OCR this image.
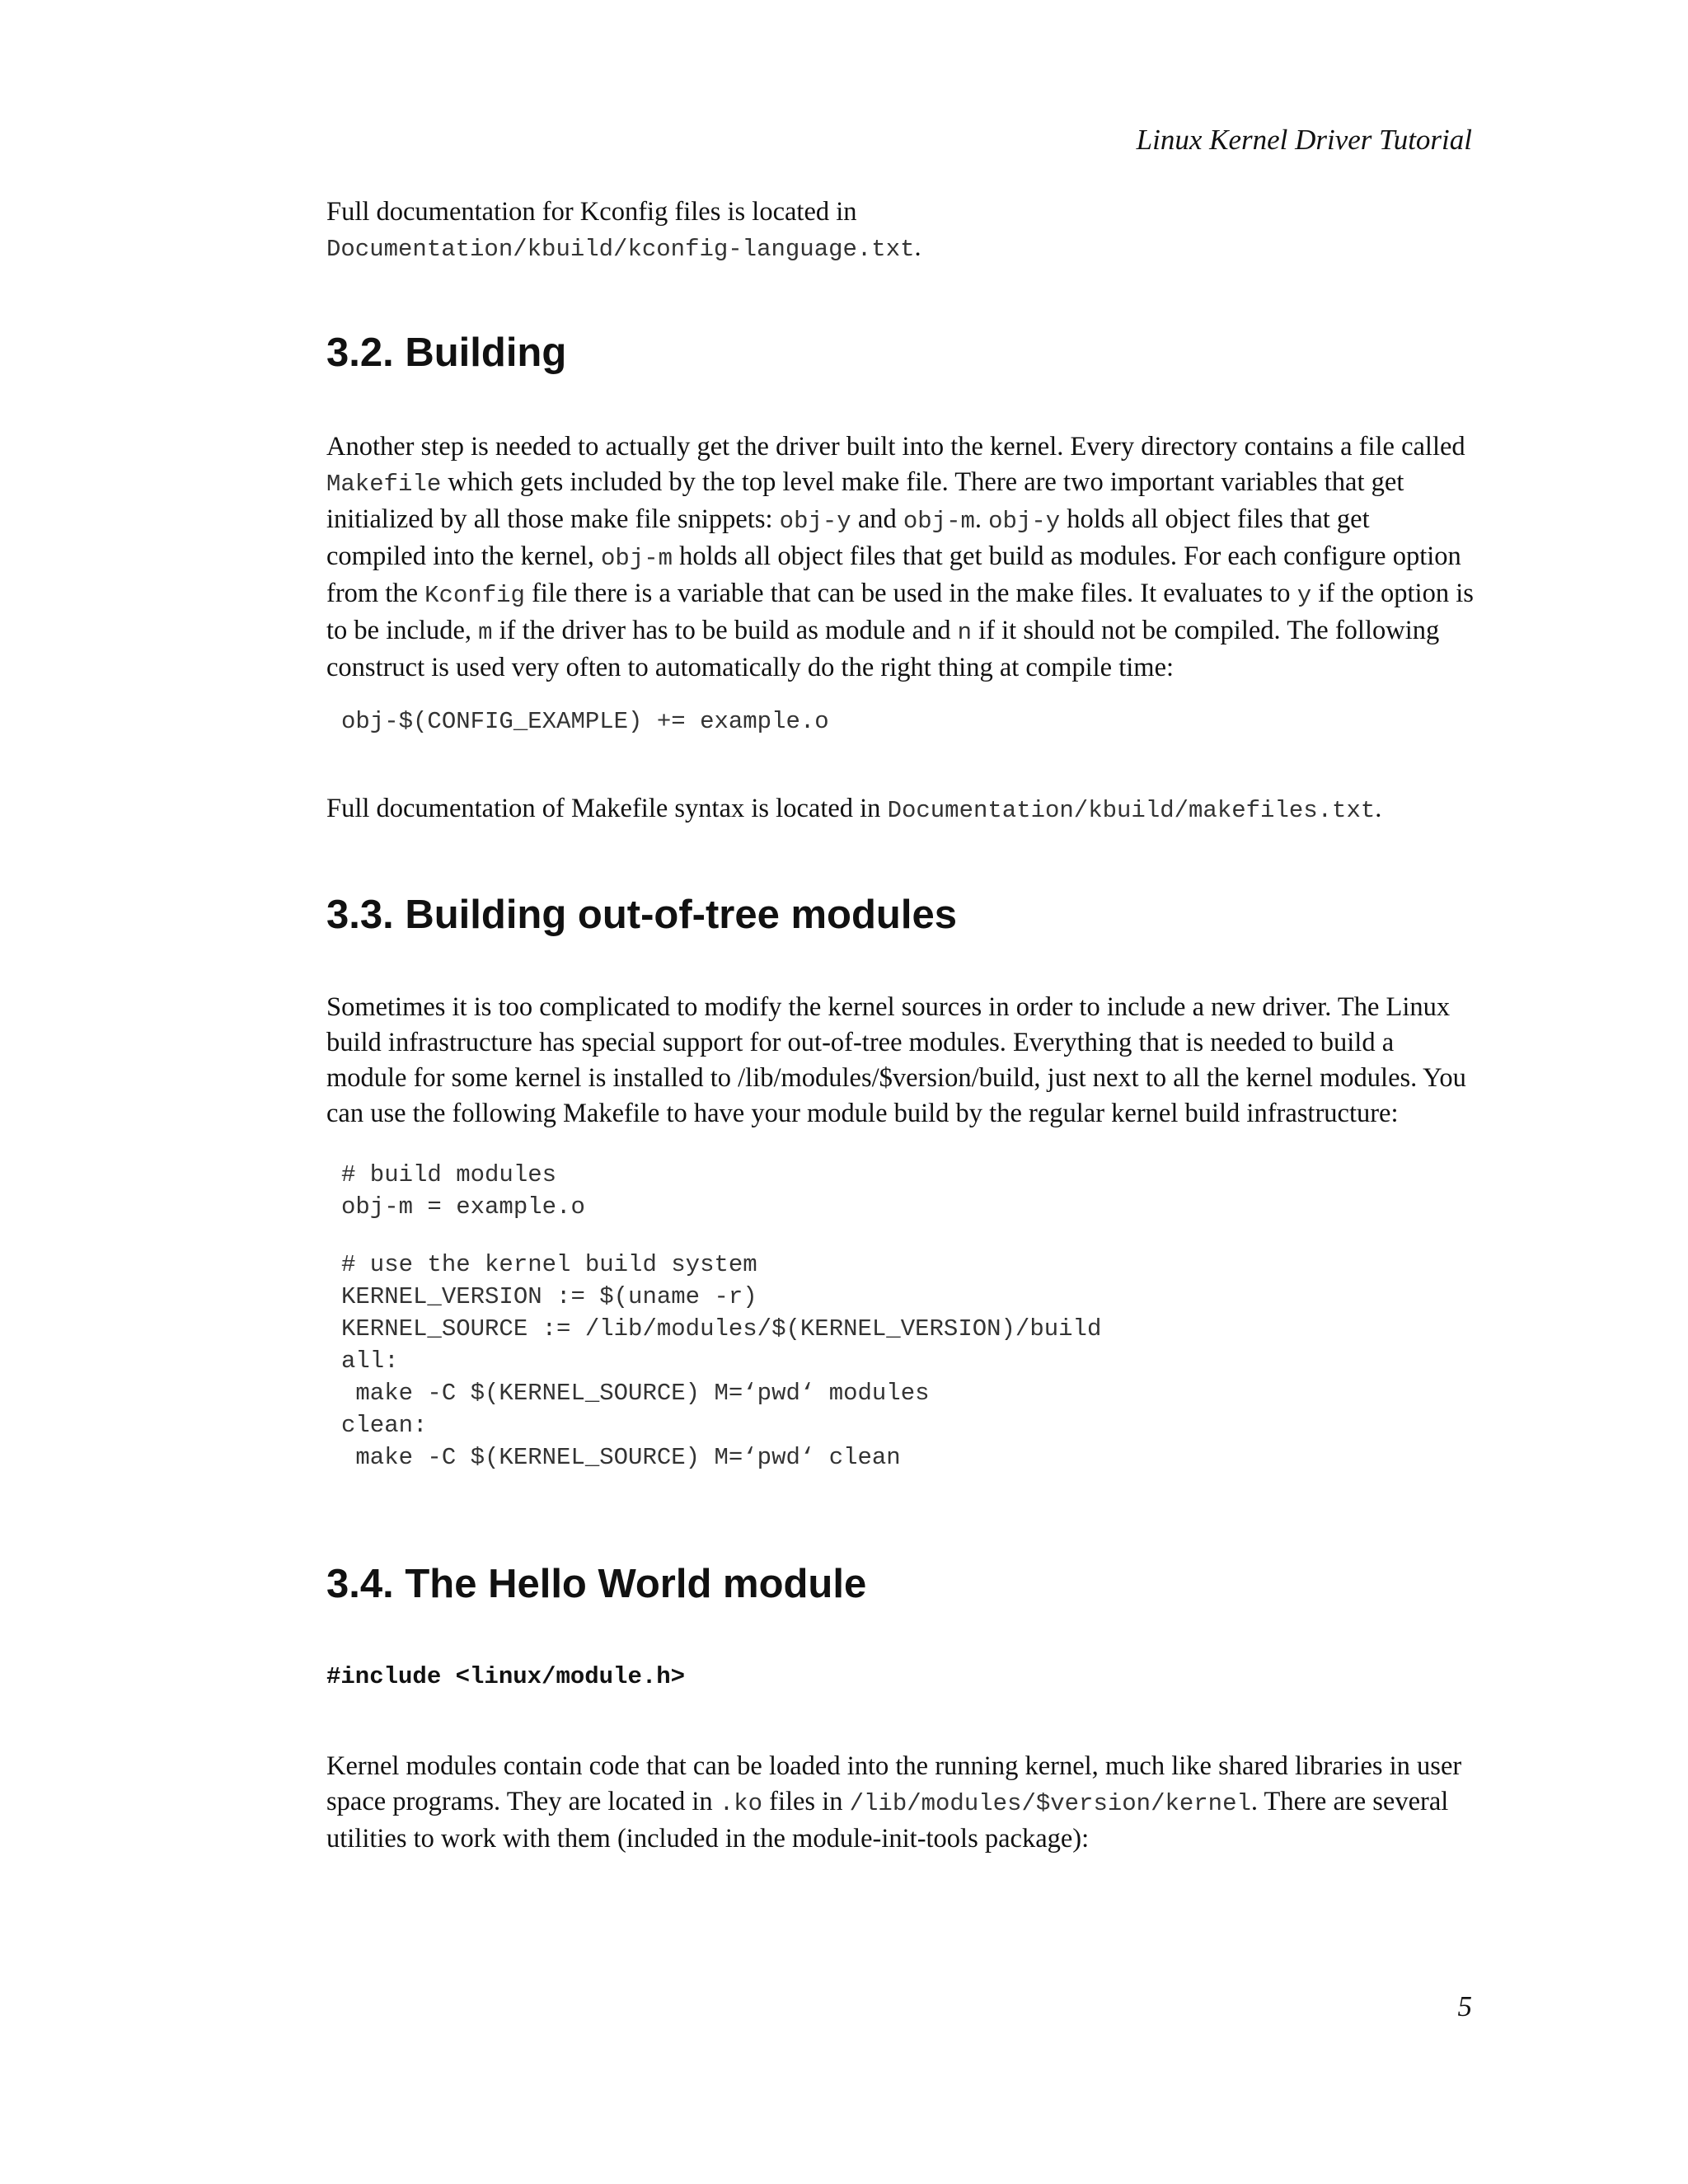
Linux Kernel Driver Tutorial

Full documentation for Kconfig files is located in
Documentation/kbuild/kconfig-language.txt.

3.2. Building

Another step is needed to actually get the driver built into the kernel. Every directory contains a file called Makefile which gets included by the top level make file. There are two important variables that get initialized by all those make file snippets: obj-y and obj-m. obj-y holds all object files that get compiled into the kernel, obj-m holds all object files that get build as modules. For each configure option from the Kconfig file there is a variable that can be used in the make files. It evaluates to y if the option is to be include, m if the driver has to be build as module and n if it should not be compiled. The following construct is used very often to automatically do the right thing at compile time:

obj-$(CONFIG_EXAMPLE) += example.o

Full documentation of Makefile syntax is located in Documentation/kbuild/makefiles.txt.

3.3. Building out-of-tree modules

Sometimes it is too complicated to modify the kernel sources in order to include a new driver. The Linux build infrastructure has special support for out-of-tree modules. Everything that is needed to build a module for some kernel is installed to /lib/modules/$version/build, just next to all the kernel modules. You can use the following Makefile to have your module build by the regular kernel build infrastructure:

# build modules
obj-m = example.o
# use the kernel build system
KERNEL_VERSION := $(uname -r)
KERNEL_SOURCE := /lib/modules/$(KERNEL_VERSION)/build
all:
make -C $(KERNEL_SOURCE) M=‘pwd‘ modules
clean:
make -C $(KERNEL_SOURCE) M=‘pwd‘ clean
3.4. The Hello World module
#include <linux/module.h>

Kernel modules contain code that can be loaded into the running kernel, much like shared libraries in user space programs. They are located in .ko files in /lib/modules/$version/kernel. There are several utilities to work with them (included in the module-init-tools package):

5
